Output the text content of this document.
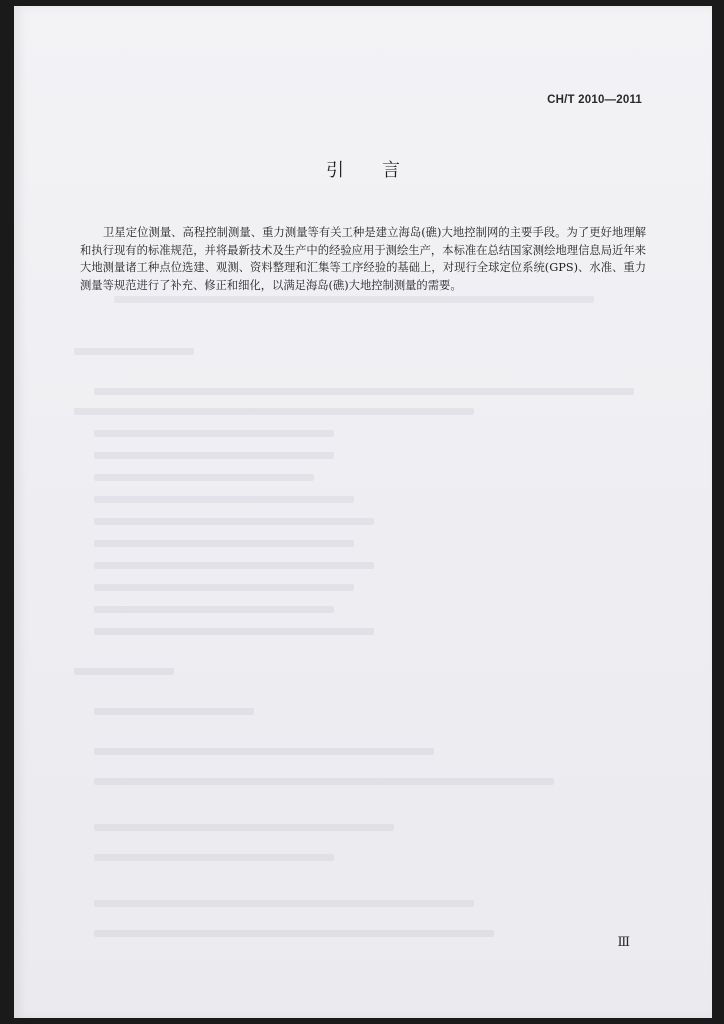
CH/T 2010—2011
引言

卫星定位测量、高程控制测量、重力测量等有关工种是建立海岛(礁)大地控制网的主要手段。为了更好地理解和执行现有的标准规范，并将最新技术及生产中的经验应用于测绘生产，本标准在总结国家测绘地理信息局近年来大地测量诸工种点位选建、观测、资料整理和汇集等工序经验的基础上，对现行全球定位系统(GPS)、水准、重力测量等规范进行了补充、修正和细化，以满足海岛(礁)大地控制测量的需要。

Ⅲ
